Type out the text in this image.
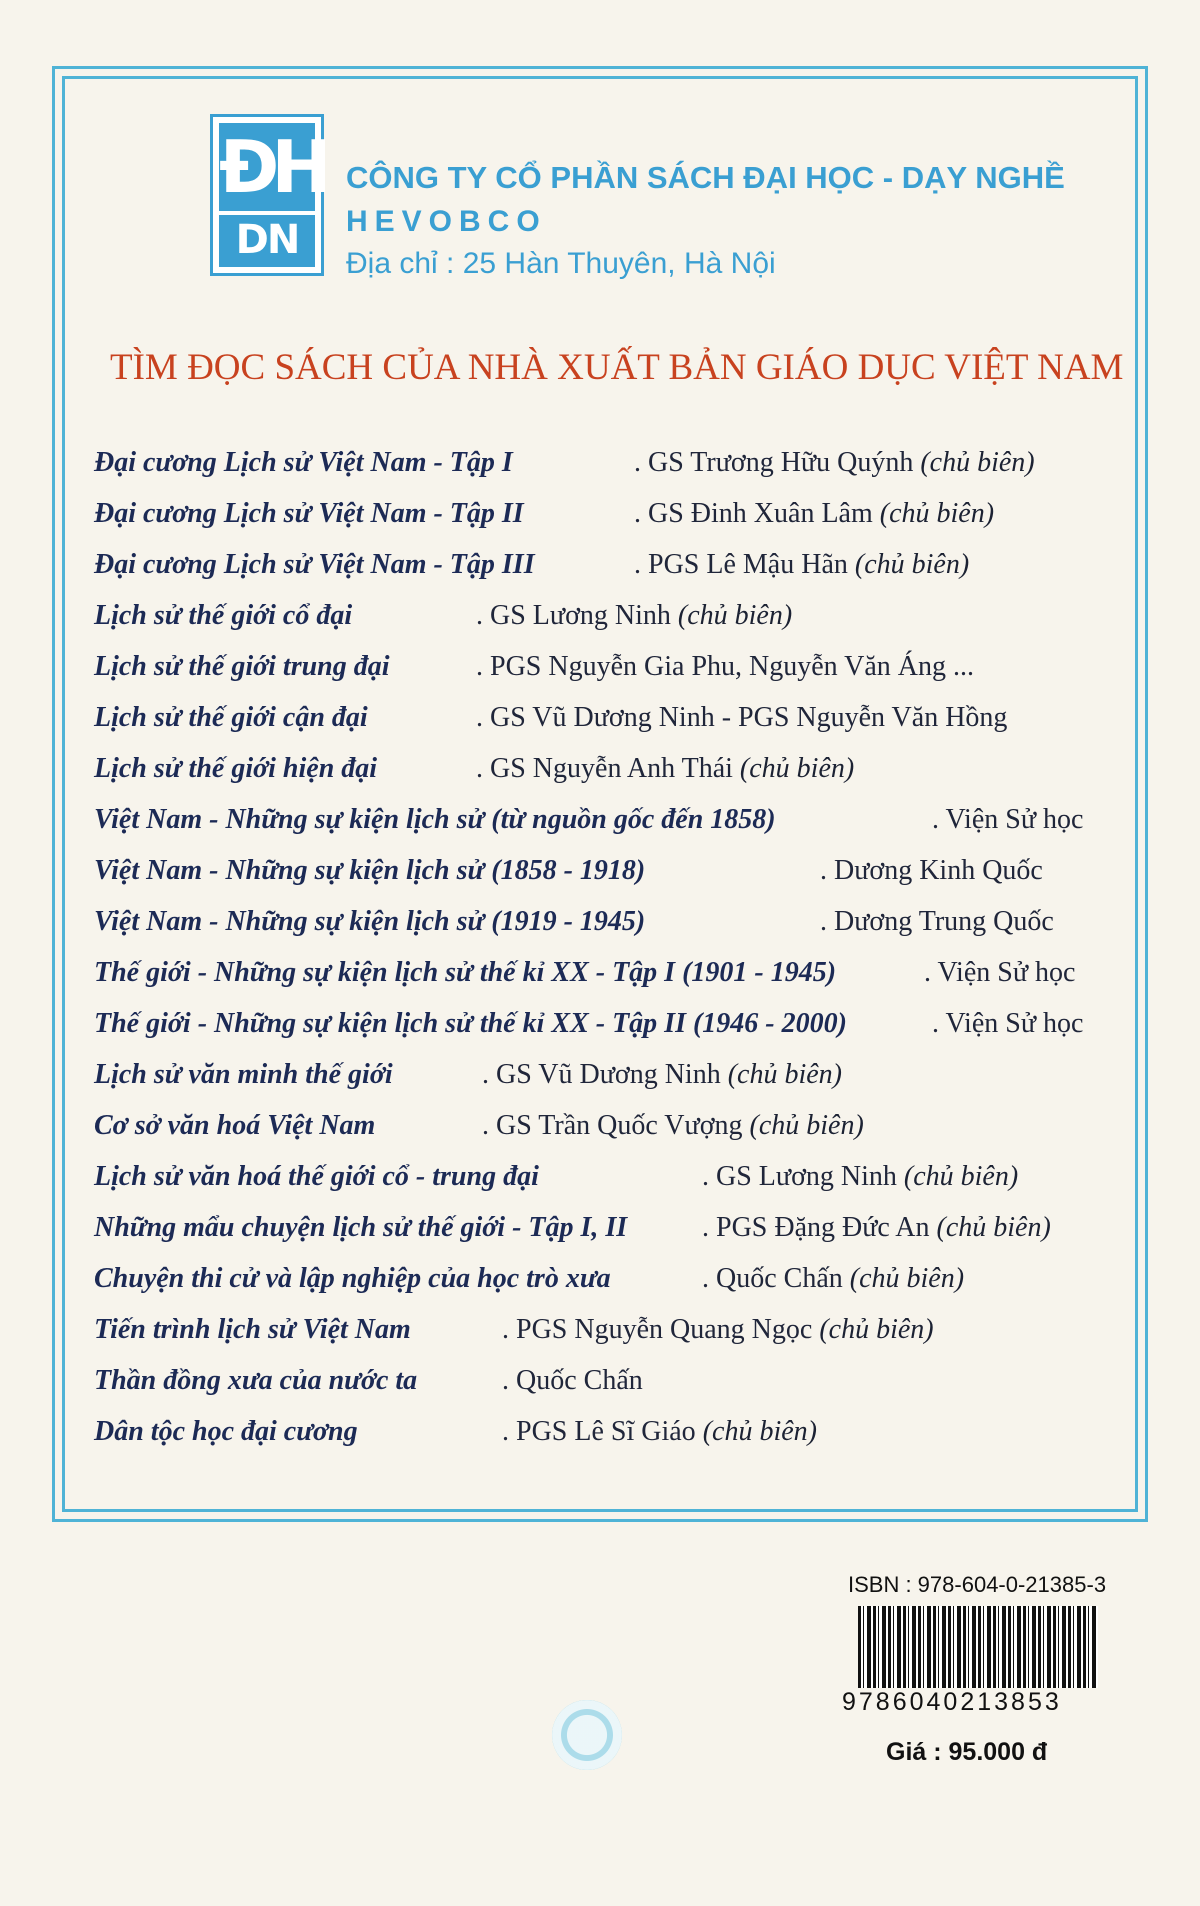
ĐH
DN
CÔNG TY CỔ PHẦN SÁCH ĐẠI HỌC - DẠY NGHỀ
HEVOBCO
Địa chỉ : 25 Hàn Thuyên, Hà Nội
TÌM ĐỌC SÁCH CỦA NHÀ XUẤT BẢN GIÁO DỤC VIỆT NAM
Đại cương Lịch sử Việt Nam - Tập I	. GS Trương Hữu Quýnh (chủ biên)
Đại cương Lịch sử Việt Nam - Tập II	. GS Đinh Xuân Lâm (chủ biên)
Đại cương Lịch sử Việt Nam - Tập III	. PGS Lê Mậu Hãn (chủ biên)
Lịch sử thế giới cổ đại	. GS Lương Ninh (chủ biên)
Lịch sử thế giới trung đại	. PGS Nguyễn Gia Phu, Nguyễn Văn Áng ...
Lịch sử thế giới cận đại	. GS Vũ Dương Ninh - PGS Nguyễn Văn Hồng
Lịch sử thế giới hiện đại	. GS Nguyễn Anh Thái (chủ biên)
Việt Nam - Những sự kiện lịch sử (từ nguồn gốc đến 1858)	. Viện Sử học
Việt Nam - Những sự kiện lịch sử (1858 - 1918)	. Dương Kinh Quốc
Việt Nam - Những sự kiện lịch sử (1919 - 1945)	. Dương Trung Quốc
Thế giới - Những sự kiện lịch sử thế kỉ XX - Tập I (1901 - 1945)	. Viện Sử học
Thế giới - Những sự kiện lịch sử thế kỉ XX - Tập II (1946 - 2000)	. Viện Sử học
Lịch sử văn minh thế giới	. GS Vũ Dương Ninh (chủ biên)
Cơ sở văn hoá Việt Nam	. GS Trần Quốc Vượng (chủ biên)
Lịch sử văn hoá thế giới cổ - trung đại	. GS Lương Ninh (chủ biên)
Những mẩu chuyện lịch sử thế giới - Tập I, II	. PGS Đặng Đức An (chủ biên)
Chuyện thi cử và lập nghiệp của học trò xưa	. Quốc Chấn (chủ biên)
Tiến trình lịch sử Việt Nam	. PGS Nguyễn Quang Ngọc (chủ biên)
Thần đồng xưa của nước ta	. Quốc Chấn
Dân tộc học đại cương	. PGS Lê Sĩ Giáo (chủ biên)
ISBN : 978-604-0-21385-3
9786040213853
Giá : 95.000 đ
